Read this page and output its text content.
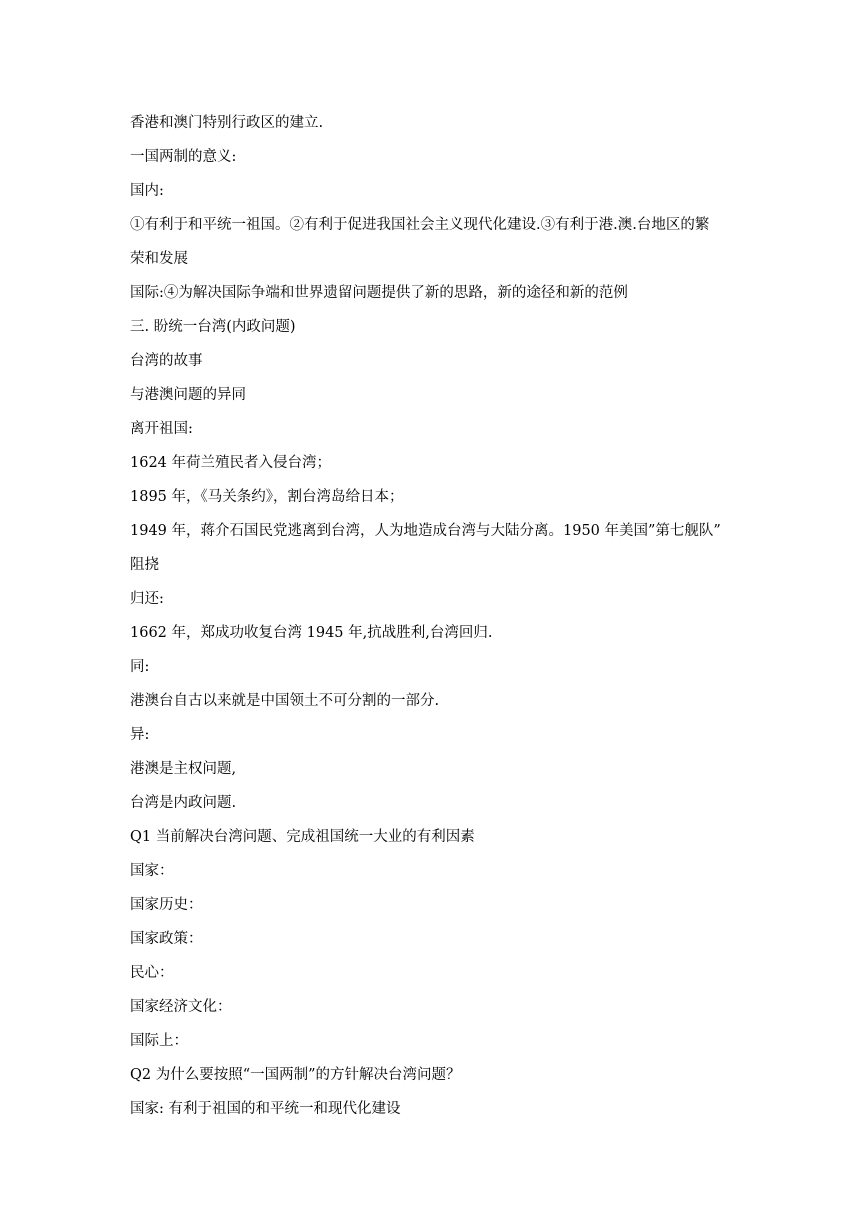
香港和澳门特别行政区的建立.
一国两制的意义:
国内:
①有利于和平统一祖国。②有利于促进我国社会主义现代化建设.③有利于港.澳.台地区的繁
荣和发展
国际:④为解决国际争端和世界遗留问题提供了新的思路，新的途径和新的范例
三. 盼统一台湾(内政问题)
台湾的故事
与港澳问题的异同
离开祖国:
1624 年荷兰殖民者入侵台湾；
1895 年，《马关条约》，割台湾岛给日本；
1949 年，蒋介石国民党逃离到台湾，人为地造成台湾与大陆分离。1950 年美国”第七舰队”
阻挠
归还:
1662 年，郑成功收复台湾 1945 年,抗战胜利,台湾回归.
同:
港澳台自古以来就是中国领土不可分割的一部分.
异:
港澳是主权问题,
台湾是内政问题.
Q1 当前解决台湾问题、完成祖国统一大业的有利因素
国家：
国家历史：
国家政策：
民心：
国家经济文化：
国际上：
Q2 为什么要按照“一国两制”的方针解决台湾问题？
国家: 有利于祖国的和平统一和现代化建设
